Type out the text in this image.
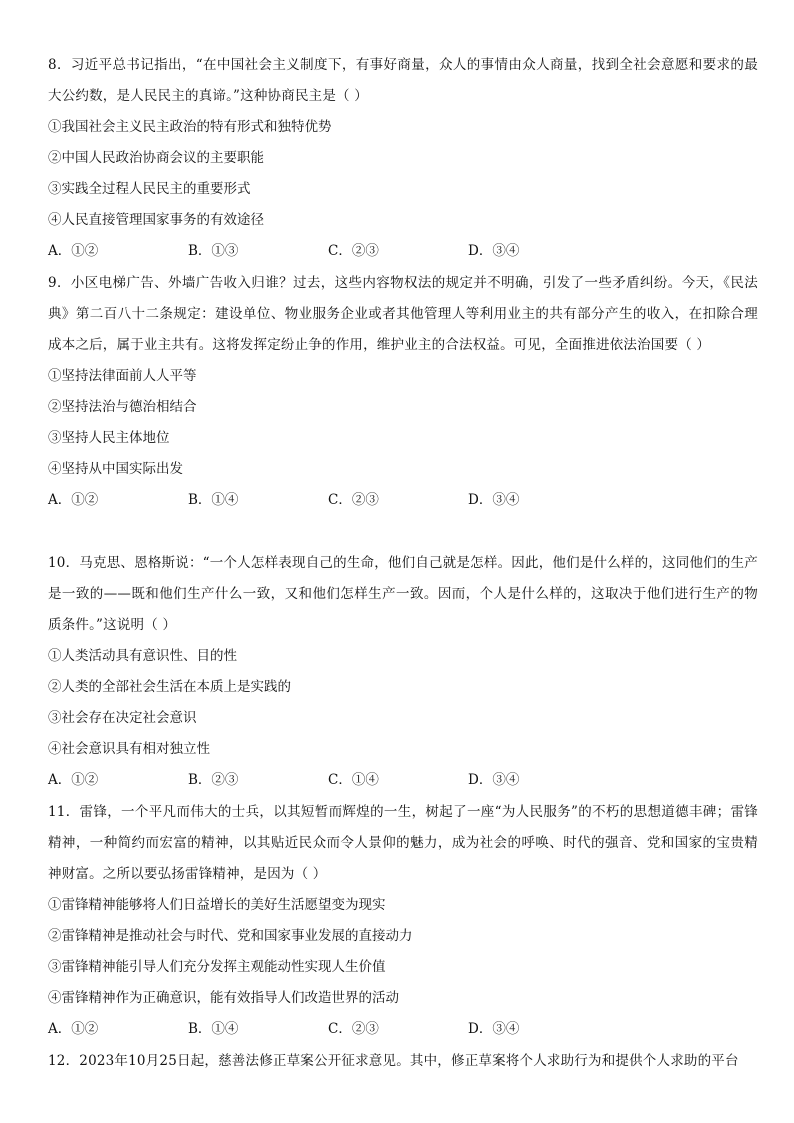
8．习近平总书记指出，“在中国社会主义制度下，有事好商量，众人的事情由众人商量，找到全社会意愿和要求的最大公约数，是人民民主的真谛。”这种协商民主是（ ）

①我国社会主义民主政治的特有形式和独特优势

②中国人民政治协商会议的主要职能

③实践全过程人民民主的重要形式

④人民直接管理国家事务的有效途径

A．①②	B．①③	C．②③	D．③④

9．小区电梯广告、外墙广告收入归谁？过去，这些内容物权法的规定并不明确，引发了一些矛盾纠纷。今天，《民法典》第二百八十二条规定：建设单位、物业服务企业或者其他管理人等利用业主的共有部分产生的收入，在扣除合理成本之后，属于业主共有。这将发挥定纷止争的作用，维护业主的合法权益。可见，全面推进依法治国要（ ）

①坚持法律面前人人平等

②坚持法治与德治相结合

③坚持人民主体地位

④坚持从中国实际出发

A．①②	B．①④	C．②③	D．③④

10．马克思、恩格斯说：“一个人怎样表现自己的生命，他们自己就是怎样。因此，他们是什么样的，这同他们的生产是一致的——既和他们生产什么一致，又和他们怎样生产一致。因而，个人是什么样的，这取决于他们进行生产的物质条件。”这说明（ ）

①人类活动具有意识性、目的性

②人类的全部社会生活在本质上是实践的

③社会存在决定社会意识

④社会意识具有相对独立性

A．①②	B．②③	C．①④	D．③④

11．雷锋，一个平凡而伟大的士兵，以其短暂而辉煌的一生，树起了一座“为人民服务”的不朽的思想道德丰碑；雷锋精神，一种简约而宏富的精神，以其贴近民众而令人景仰的魅力，成为社会的呼唤、时代的强音、党和国家的宝贵精神财富。之所以要弘扬雷锋精神，是因为（ ）

①雷锋精神能够将人们日益增长的美好生活愿望变为现实

②雷锋精神是推动社会与时代、党和国家事业发展的直接动力

③雷锋精神能引导人们充分发挥主观能动性实现人生价值

④雷锋精神作为正确意识，能有效指导人们改造世界的活动

A．①②	B．①④	C．②③	D．③④

12．2023年10月25日起，慈善法修正草案公开征求意见。其中，修正草案将个人求助行为和提供个人求助的平台
